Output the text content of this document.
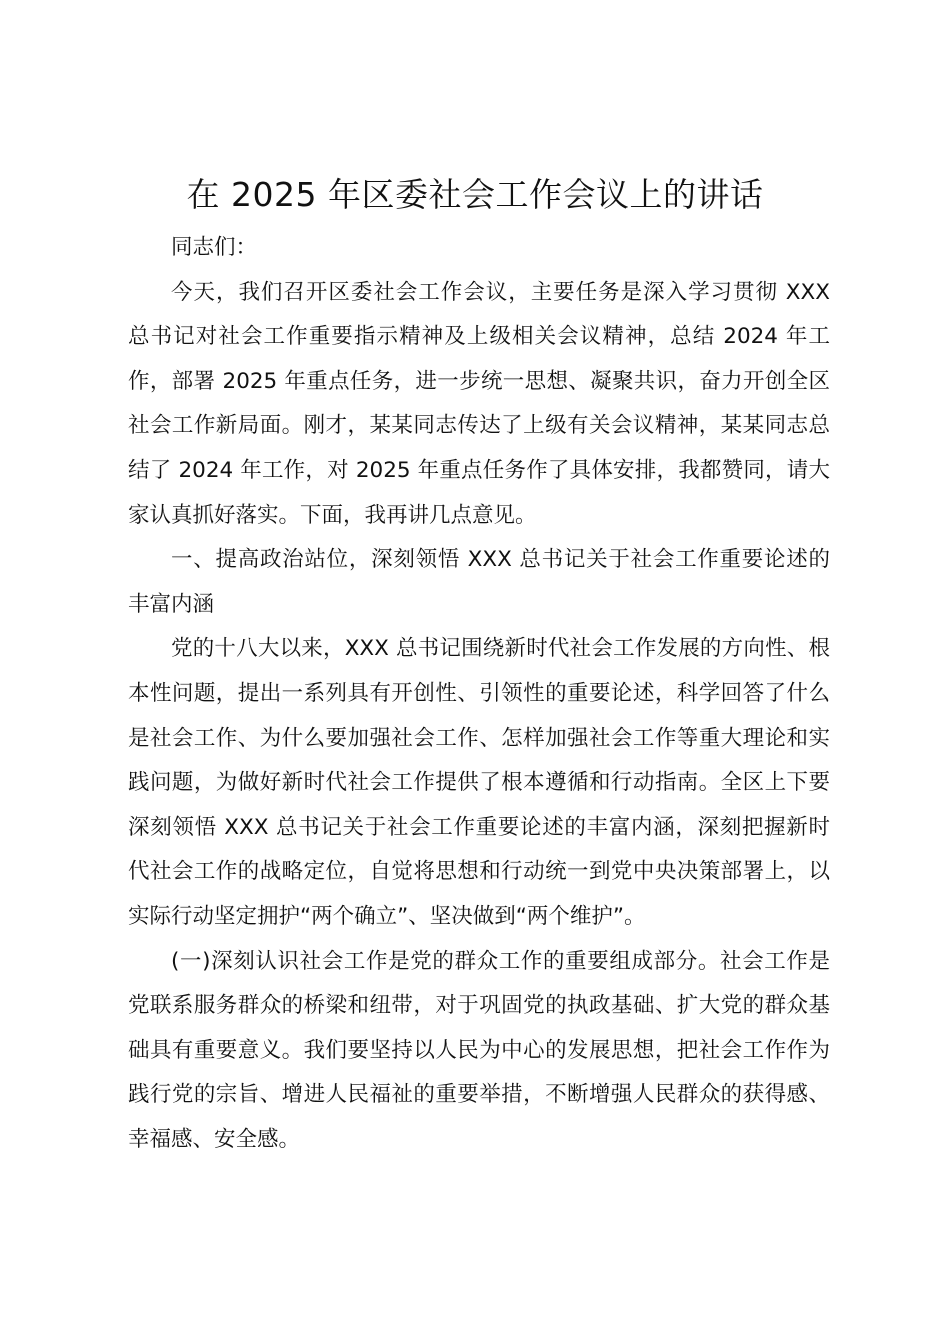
在 2025 年区委社会工作会议上的讲话

同志们：

今天，我们召开区委社会工作会议，主要任务是深入学习贯彻 XXX 总书记对社会工作重要指示精神及上级相关会议精神，总结 2024 年工作，部署 2025 年重点任务，进一步统一思想、凝聚共识，奋力开创全区社会工作新局面。刚才，某某同志传达了上级有关会议精神，某某同志总结了 2024 年工作，对 2025 年重点任务作了具体安排，我都赞同，请大家认真抓好落实。下面，我再讲几点意见。

一、提高政治站位，深刻领悟 XXX 总书记关于社会工作重要论述的丰富内涵

党的十八大以来，XXX 总书记围绕新时代社会工作发展的方向性、根本性问题，提出一系列具有开创性、引领性的重要论述，科学回答了什么是社会工作、为什么要加强社会工作、怎样加强社会工作等重大理论和实践问题，为做好新时代社会工作提供了根本遵循和行动指南。全区上下要深刻领悟 XXX 总书记关于社会工作重要论述的丰富内涵，深刻把握新时代社会工作的战略定位，自觉将思想和行动统一到党中央决策部署上，以实际行动坚定拥护“两个确立”、坚决做到“两个维护”。

(一)深刻认识社会工作是党的群众工作的重要组成部分。社会工作是党联系服务群众的桥梁和纽带，对于巩固党的执政基础、扩大党的群众基础具有重要意义。我们要坚持以人民为中心的发展思想，把社会工作作为践行党的宗旨、增进人民福祉的重要举措，不断增强人民群众的获得感、幸福感、安全感。
